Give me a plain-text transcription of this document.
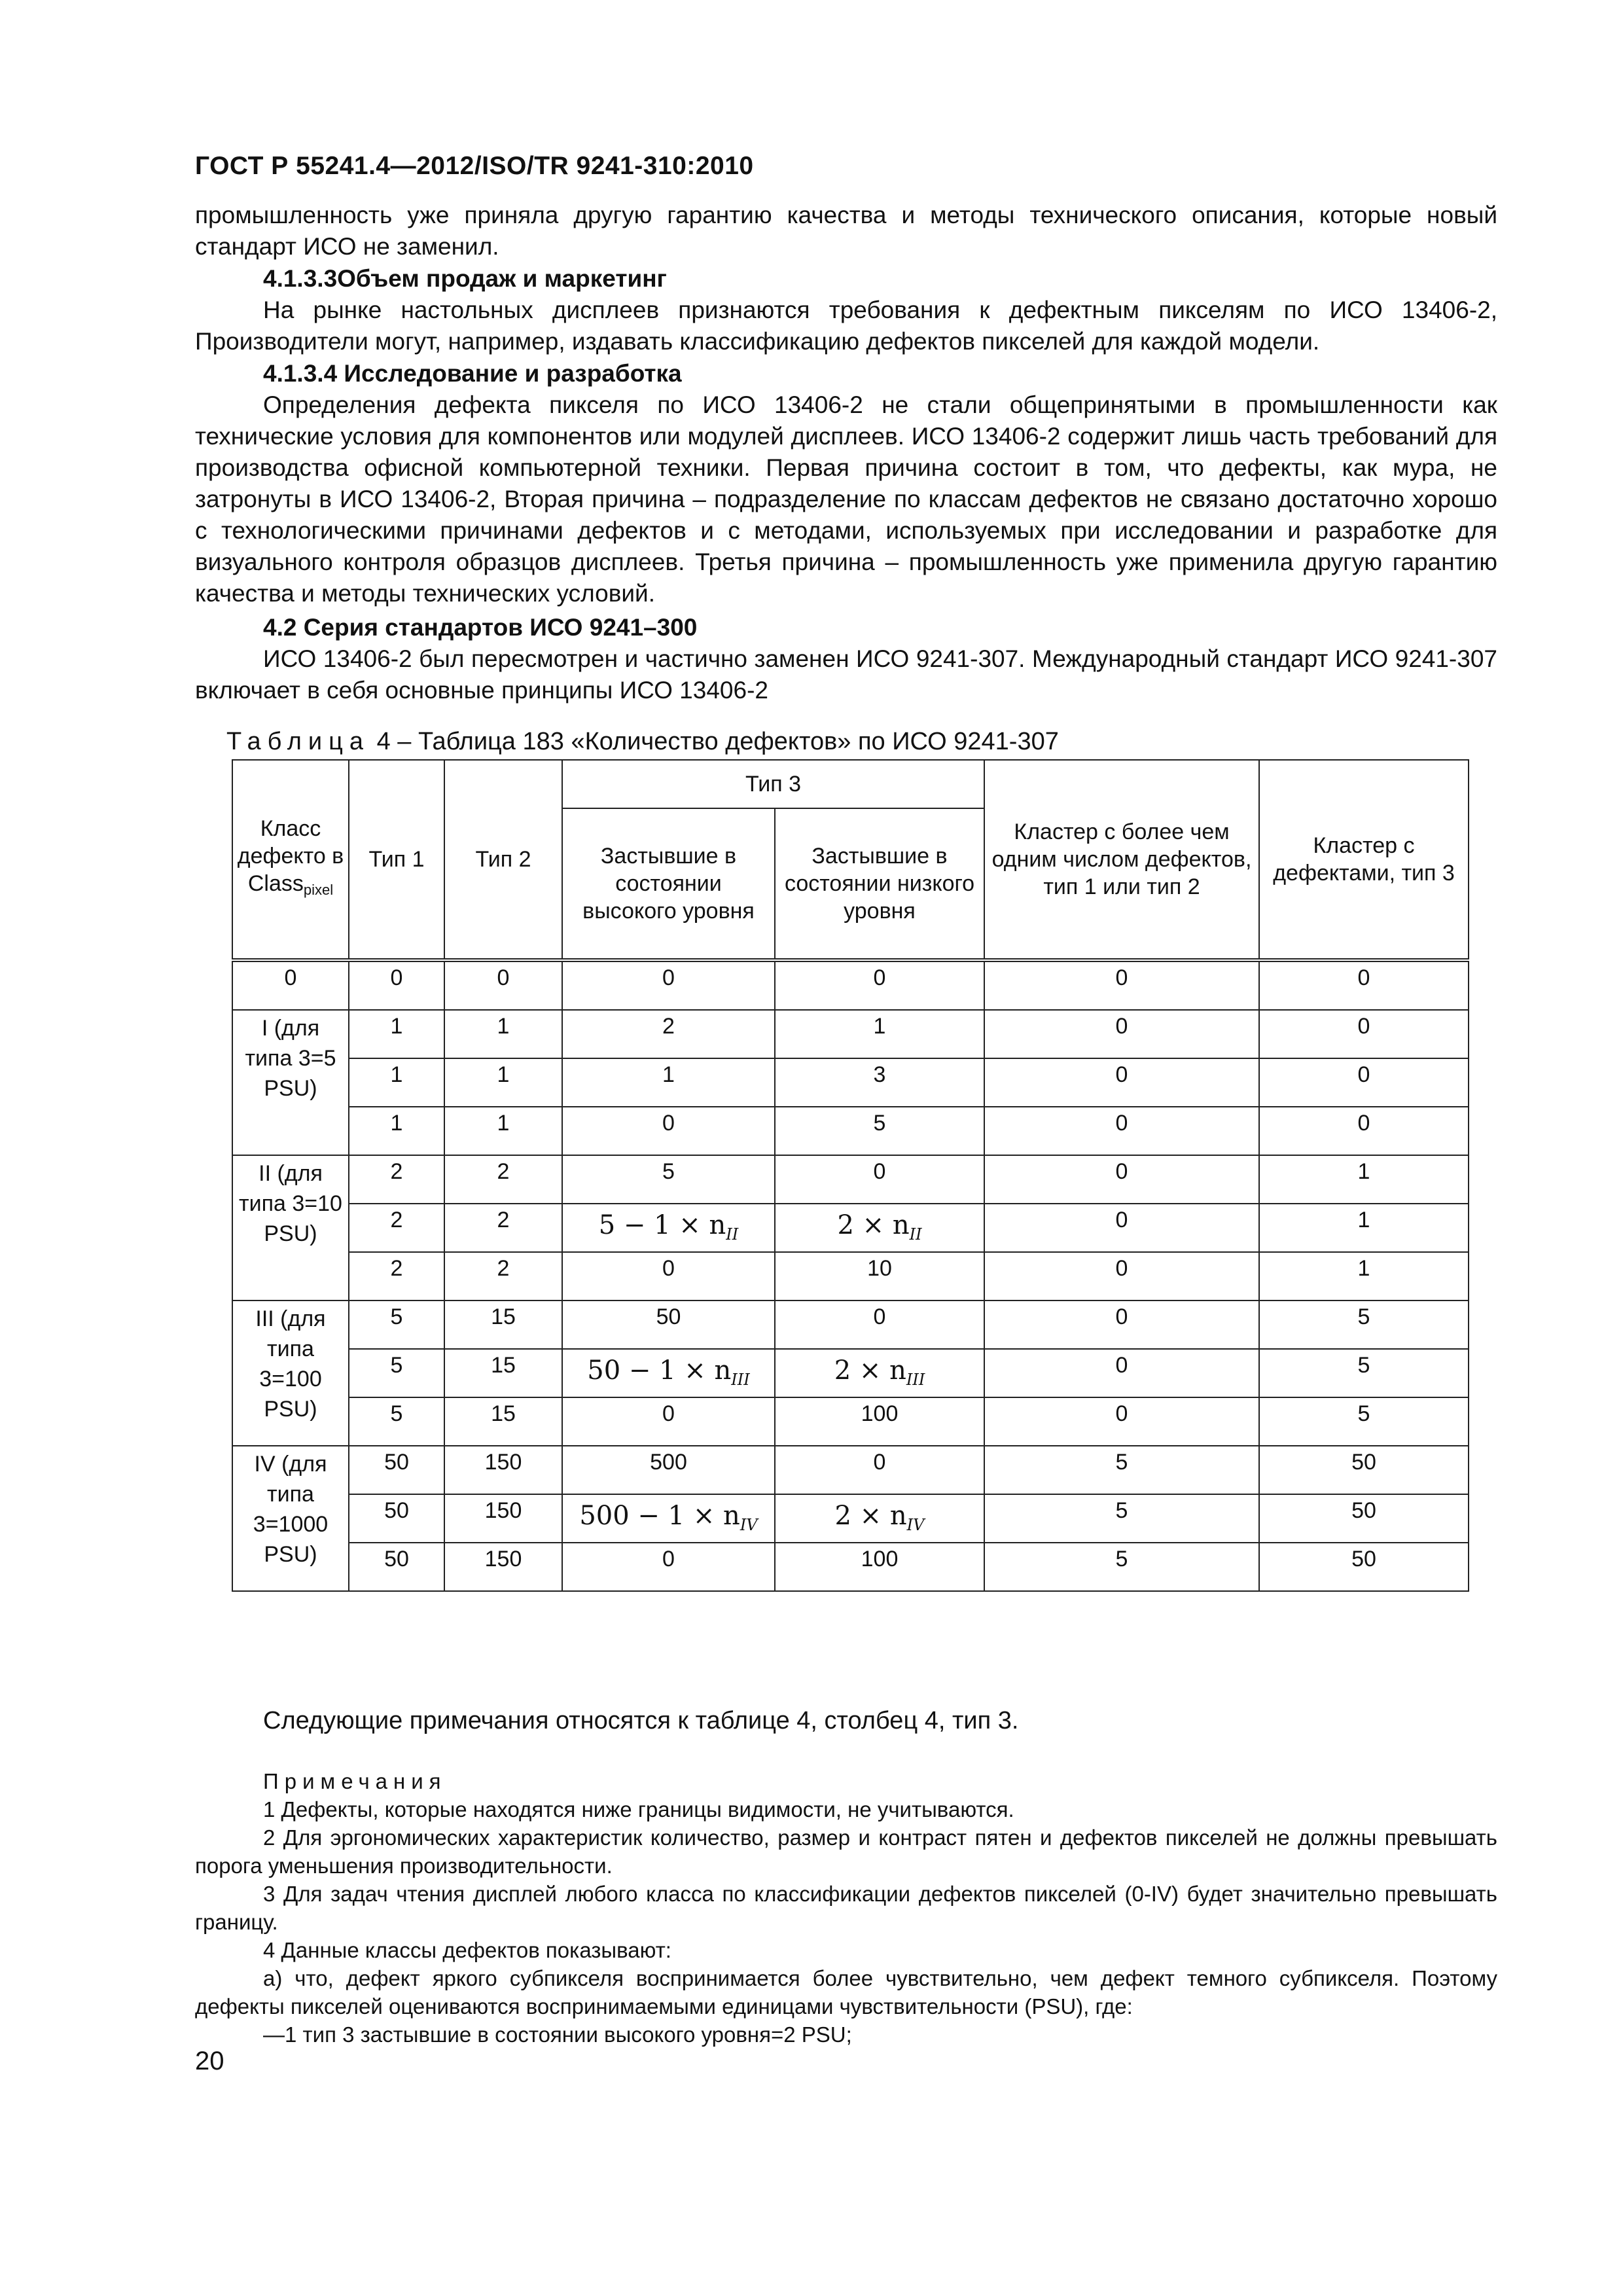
ГОСТ Р 55241.4—2012/ISO/TR 9241-310:2010
промышленность уже приняла другую гарантию качества и методы технического описания, которые новый стандарт ИСО не заменил.
4.1.3.3Объем продаж и маркетинг
На рынке настольных дисплеев признаются требования к дефектным пикселям по ИСО 13406-2, Производители могут, например, издавать классификацию дефектов пикселей для каждой модели.
4.1.3.4 Исследование и разработка
Определения дефекта пикселя по ИСО 13406-2 не стали общепринятыми в промышленности как технические условия для компонентов или модулей дисплеев. ИСО 13406-2 содержит лишь часть требований для производства офисной компьютерной техники. Первая причина состоит в том, что дефекты, как мура, не затронуты в ИСО 13406-2, Вторая причина – подразделение по классам дефектов не связано достаточно хорошо с технологическими причинами дефектов и с методами, используемых при исследовании и разработке для визуального контроля образцов дисплеев. Третья причина – промышленность уже применила другую гарантию качества и методы технических условий.
4.2 Серия стандартов ИСО 9241–300
ИСО 13406-2 был пересмотрен и частично заменен ИСО 9241-307. Международный стандарт ИСО 9241-307 включает в себя основные принципы ИСО 13406-2
Таблица 4 – Таблица 183 «Количество дефектов» по ИСО 9241-307
Класс дефекто в Classpixel	Тип 1	Тип 2	Тип 3		Кластер с более чем одним числом дефектов, тип 1 или тип 2	Кластер с дефектами, тип 3
			Застывшие в состоянии высокого уровня	Застывшие в состоянии низкого уровня		
0	0	0	0	0	0	0
I (для типа 3=5 PSU)	1	1	2	1	0	0
	1	1	1	3	0	0
	1	1	0	5	0	0
II (для типа 3=10 PSU)	2	2	5	0	0	1
	2	2	$5 - 1 \times n_{II}$	$2 \times n_{II}$	0	1
	2	2	0	10	0	1
III (для типа 3=100 PSU)	5	15	50	0	0	5
	5	15	$50 - 1 \times n_{III}$	$2 \times n_{III}$	0	5
	5	15	0	100	0	5
IV (для типа 3=1000 PSU)	50	150	500	0	5	50
	50	150	$500 - 1 \times n_{IV}$	$2 \times n_{IV}$	5	50
	50	150	0	100	5	50
Следующие примечания относятся к таблице 4, столбец 4, тип 3.
Примечания
1 Дефекты, которые находятся ниже границы видимости, не учитываются.
2 Для эргономических характеристик количество, размер и контраст пятен и дефектов пикселей не должны превышать порога уменьшения производительности.
3 Для задач чтения дисплей любого класса по классификации дефектов пикселей (0-IV) будет значительно превышать границу.
4 Данные классы дефектов показывают:
а) что, дефект яркого субпикселя воспринимается более чувствительно, чем дефект темного субпикселя. Поэтому дефекты пикселей оцениваются воспринимаемыми единицами чувствительности (PSU), где:
—1 тип 3 застывшие в состоянии высокого уровня=2 PSU;
20
